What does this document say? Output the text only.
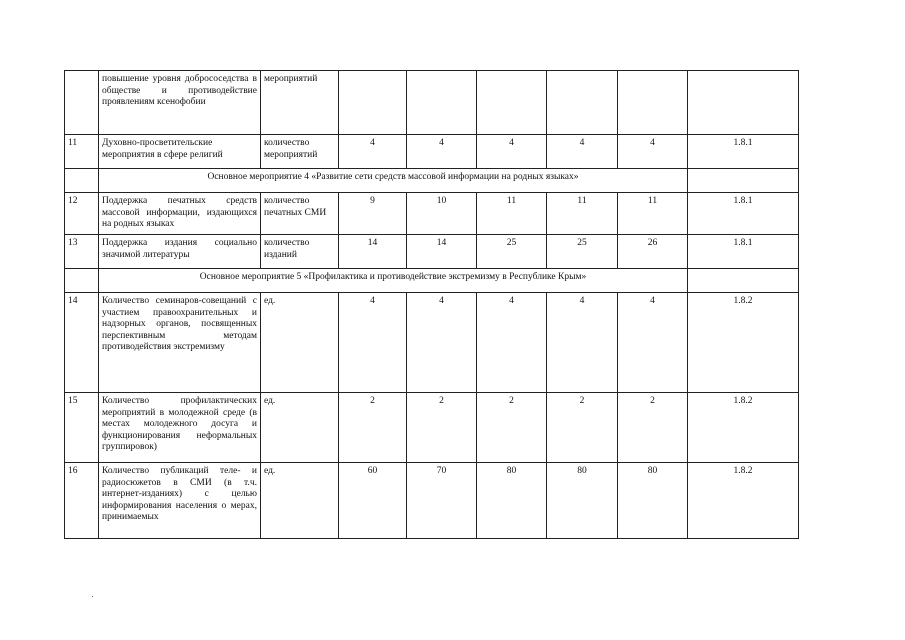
	повышение уровня добрососедства в обществе и противодействие проявлениям ксенофобии	мероприятий						
11	Духовно-просветительские мероприятия в сфере религий	количество мероприятий	4	4	4	4	4	1.8.1
	Основное мероприятие 4 «Развитие сети средств массовой информации на родных языках»							
12	Поддержка печатных средств массовой информации, издающихся на родных языках	количество печатных СМИ	9	10	11	11	11	1.8.1
13	Поддержка издания социально значимой литературы	количество изданий	14	14	25	25	26	1.8.1
	Основное мероприятие 5 «Профилактика и противодействие экстремизму в Республике Крым»							
14	Количество семинаров-совещаний с участием правоохранительных и надзорных органов, посвященных перспективным методам противодействия экстремизму	ед.	4	4	4	4	4	1.8.2
15	Количество профилактических мероприятий в молодежной среде (в местах молодежного досуга и функционирования неформальных группировок)	ед.	2	2	2	2	2	1.8.2
16	Количество публикаций теле- и радиосюжетов в СМИ (в т.ч. интернет-изданиях) с целью информирования населения о мерах, принимаемых	ед.	60	70	80	80	80	1.8.2
